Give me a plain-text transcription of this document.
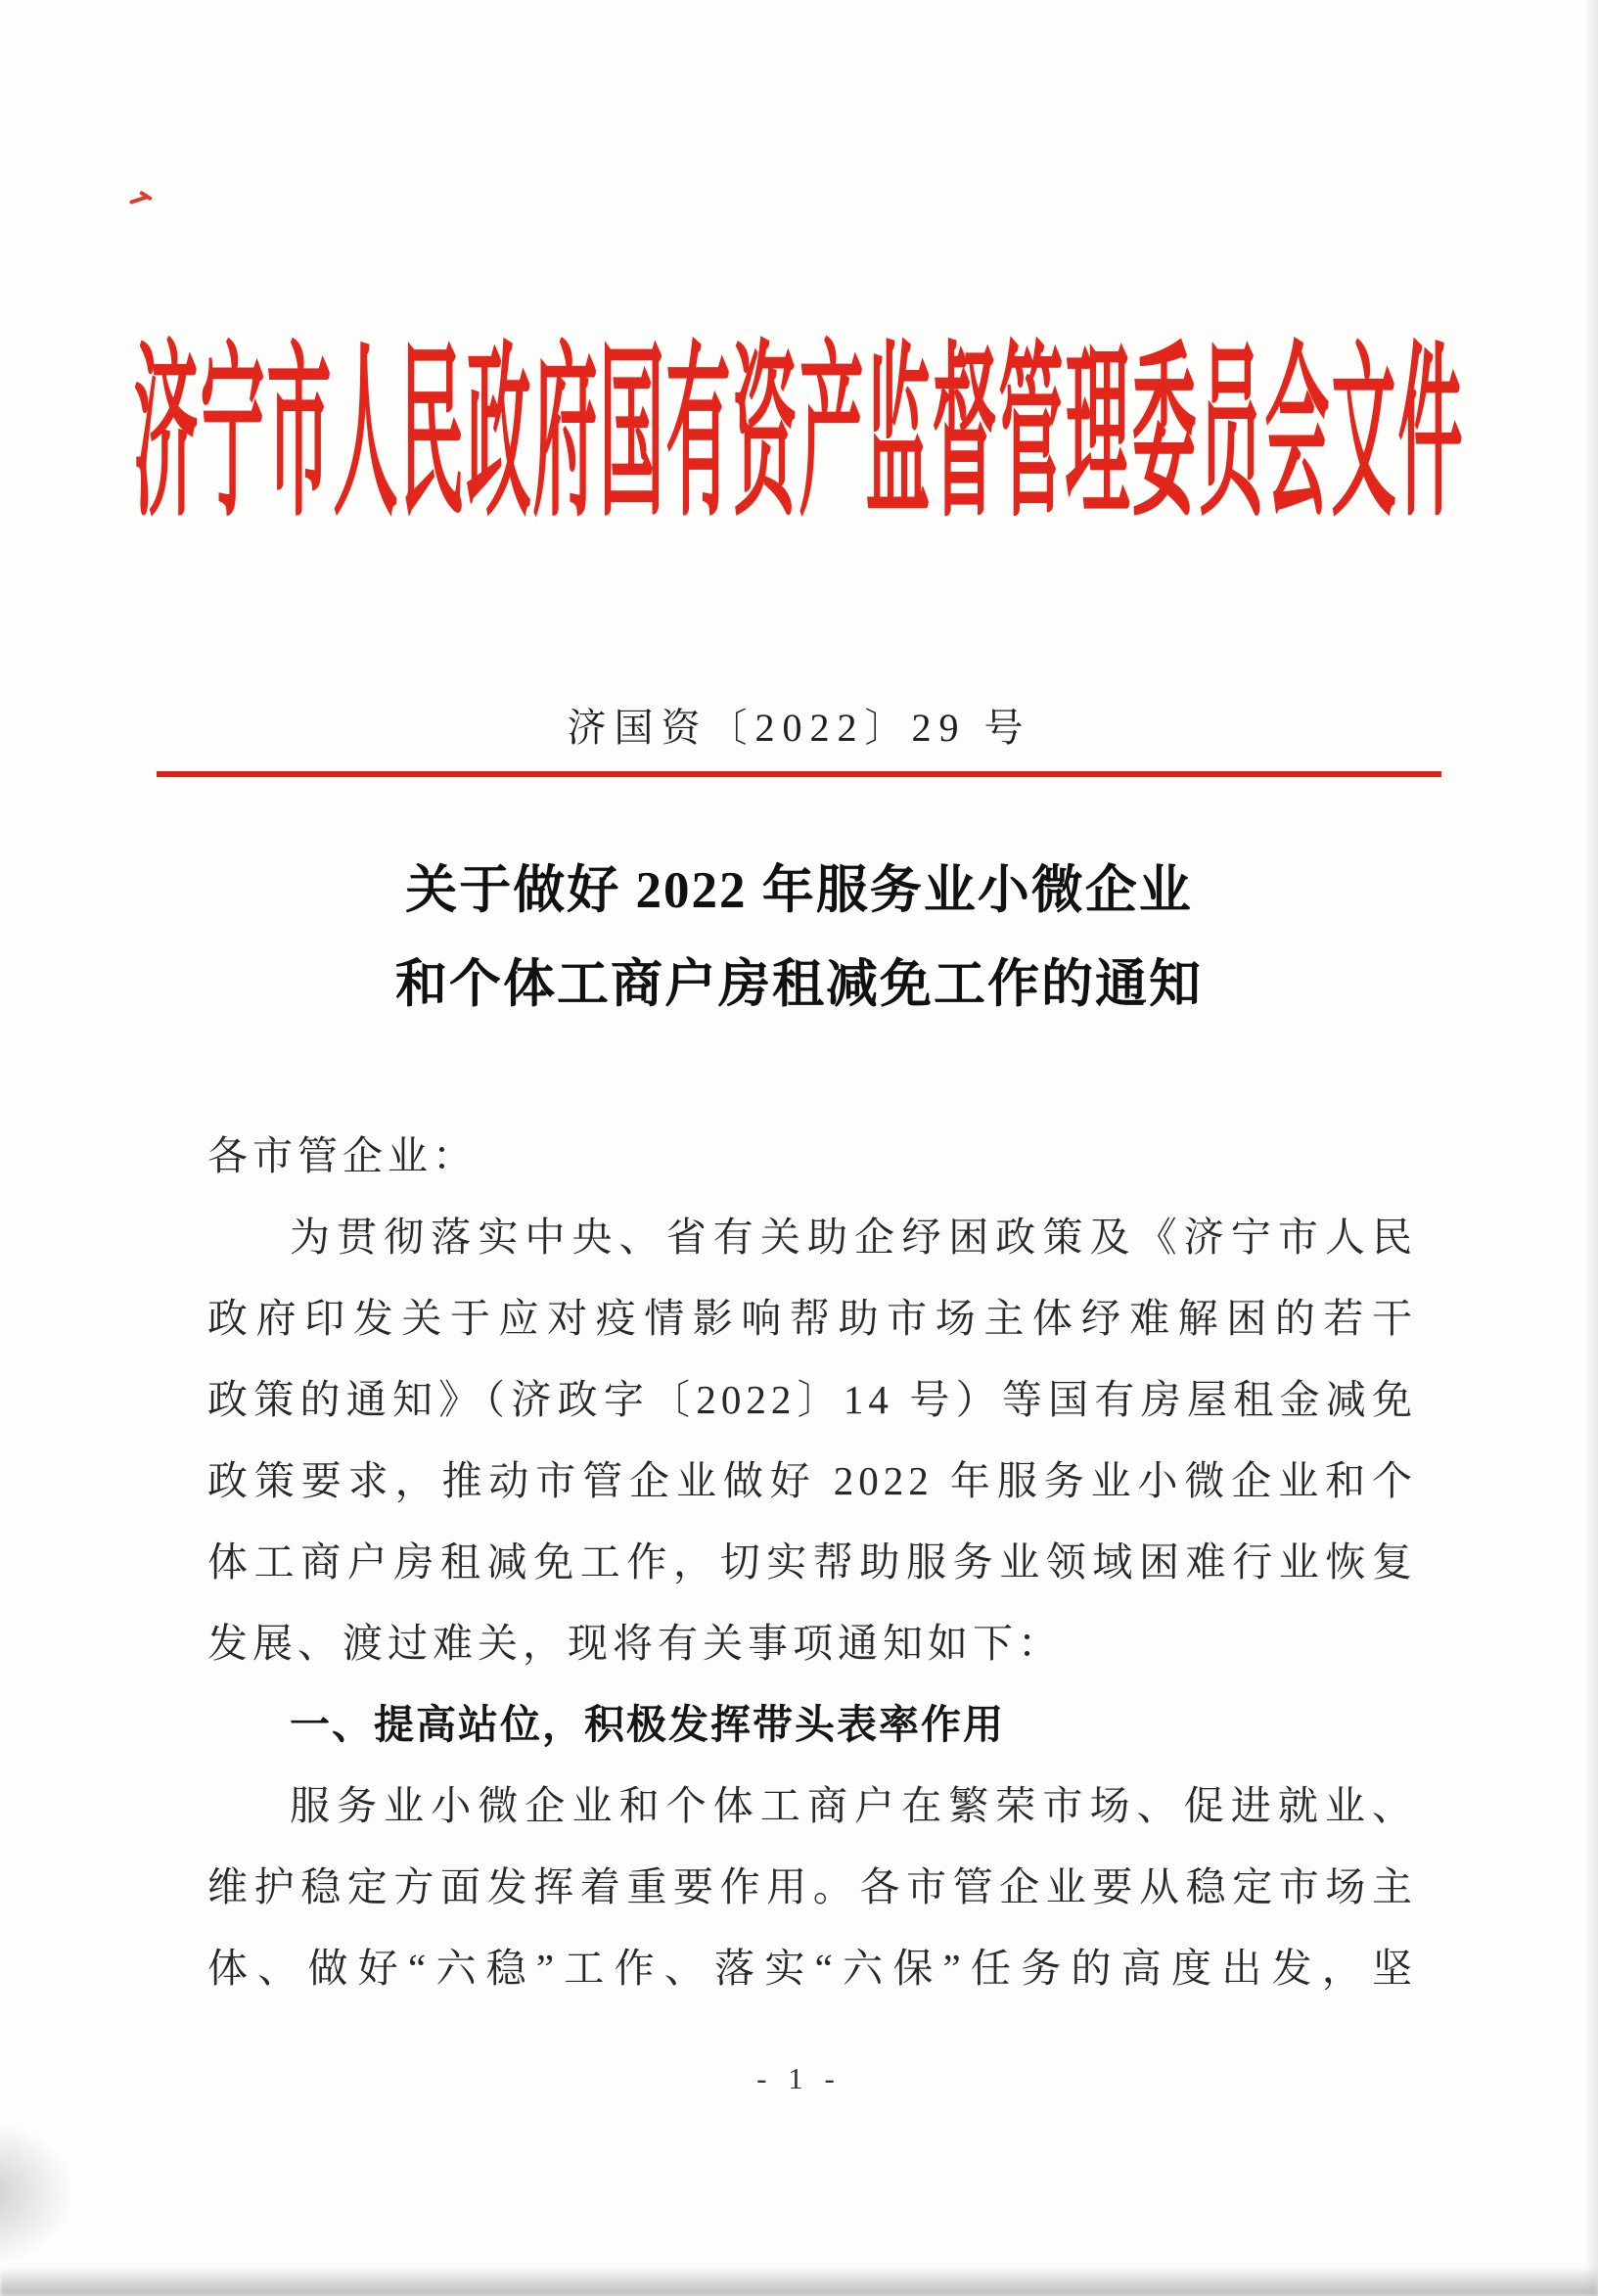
济宁市人民政府国有资产监督管理委员会文件
济国资〔2022〕29 号
关于做好 2022 年服务业小微企业
和个体工商户房租减免工作的通知
各市管企业：
为贯彻落实中央、省有关助企纾困政策及《济宁市人民
政府印发关于应对疫情影响帮助市场主体纾难解困的若干
政策的通知》（济政字〔2022〕14 号）等国有房屋租金减免
政策要求，推动市管企业做好 2022 年服务业小微企业和个
体工商户房租减免工作，切实帮助服务业领域困难行业恢复
发展、渡过难关，现将有关事项通知如下：
一、提高站位，积极发挥带头表率作用
服务业小微企业和个体工商户在繁荣市场、促进就业、
维护稳定方面发挥着重要作用。各市管企业要从稳定市场主
体、做好“六稳”工作、落实“六保”任务的高度出发，坚
- 1 -
